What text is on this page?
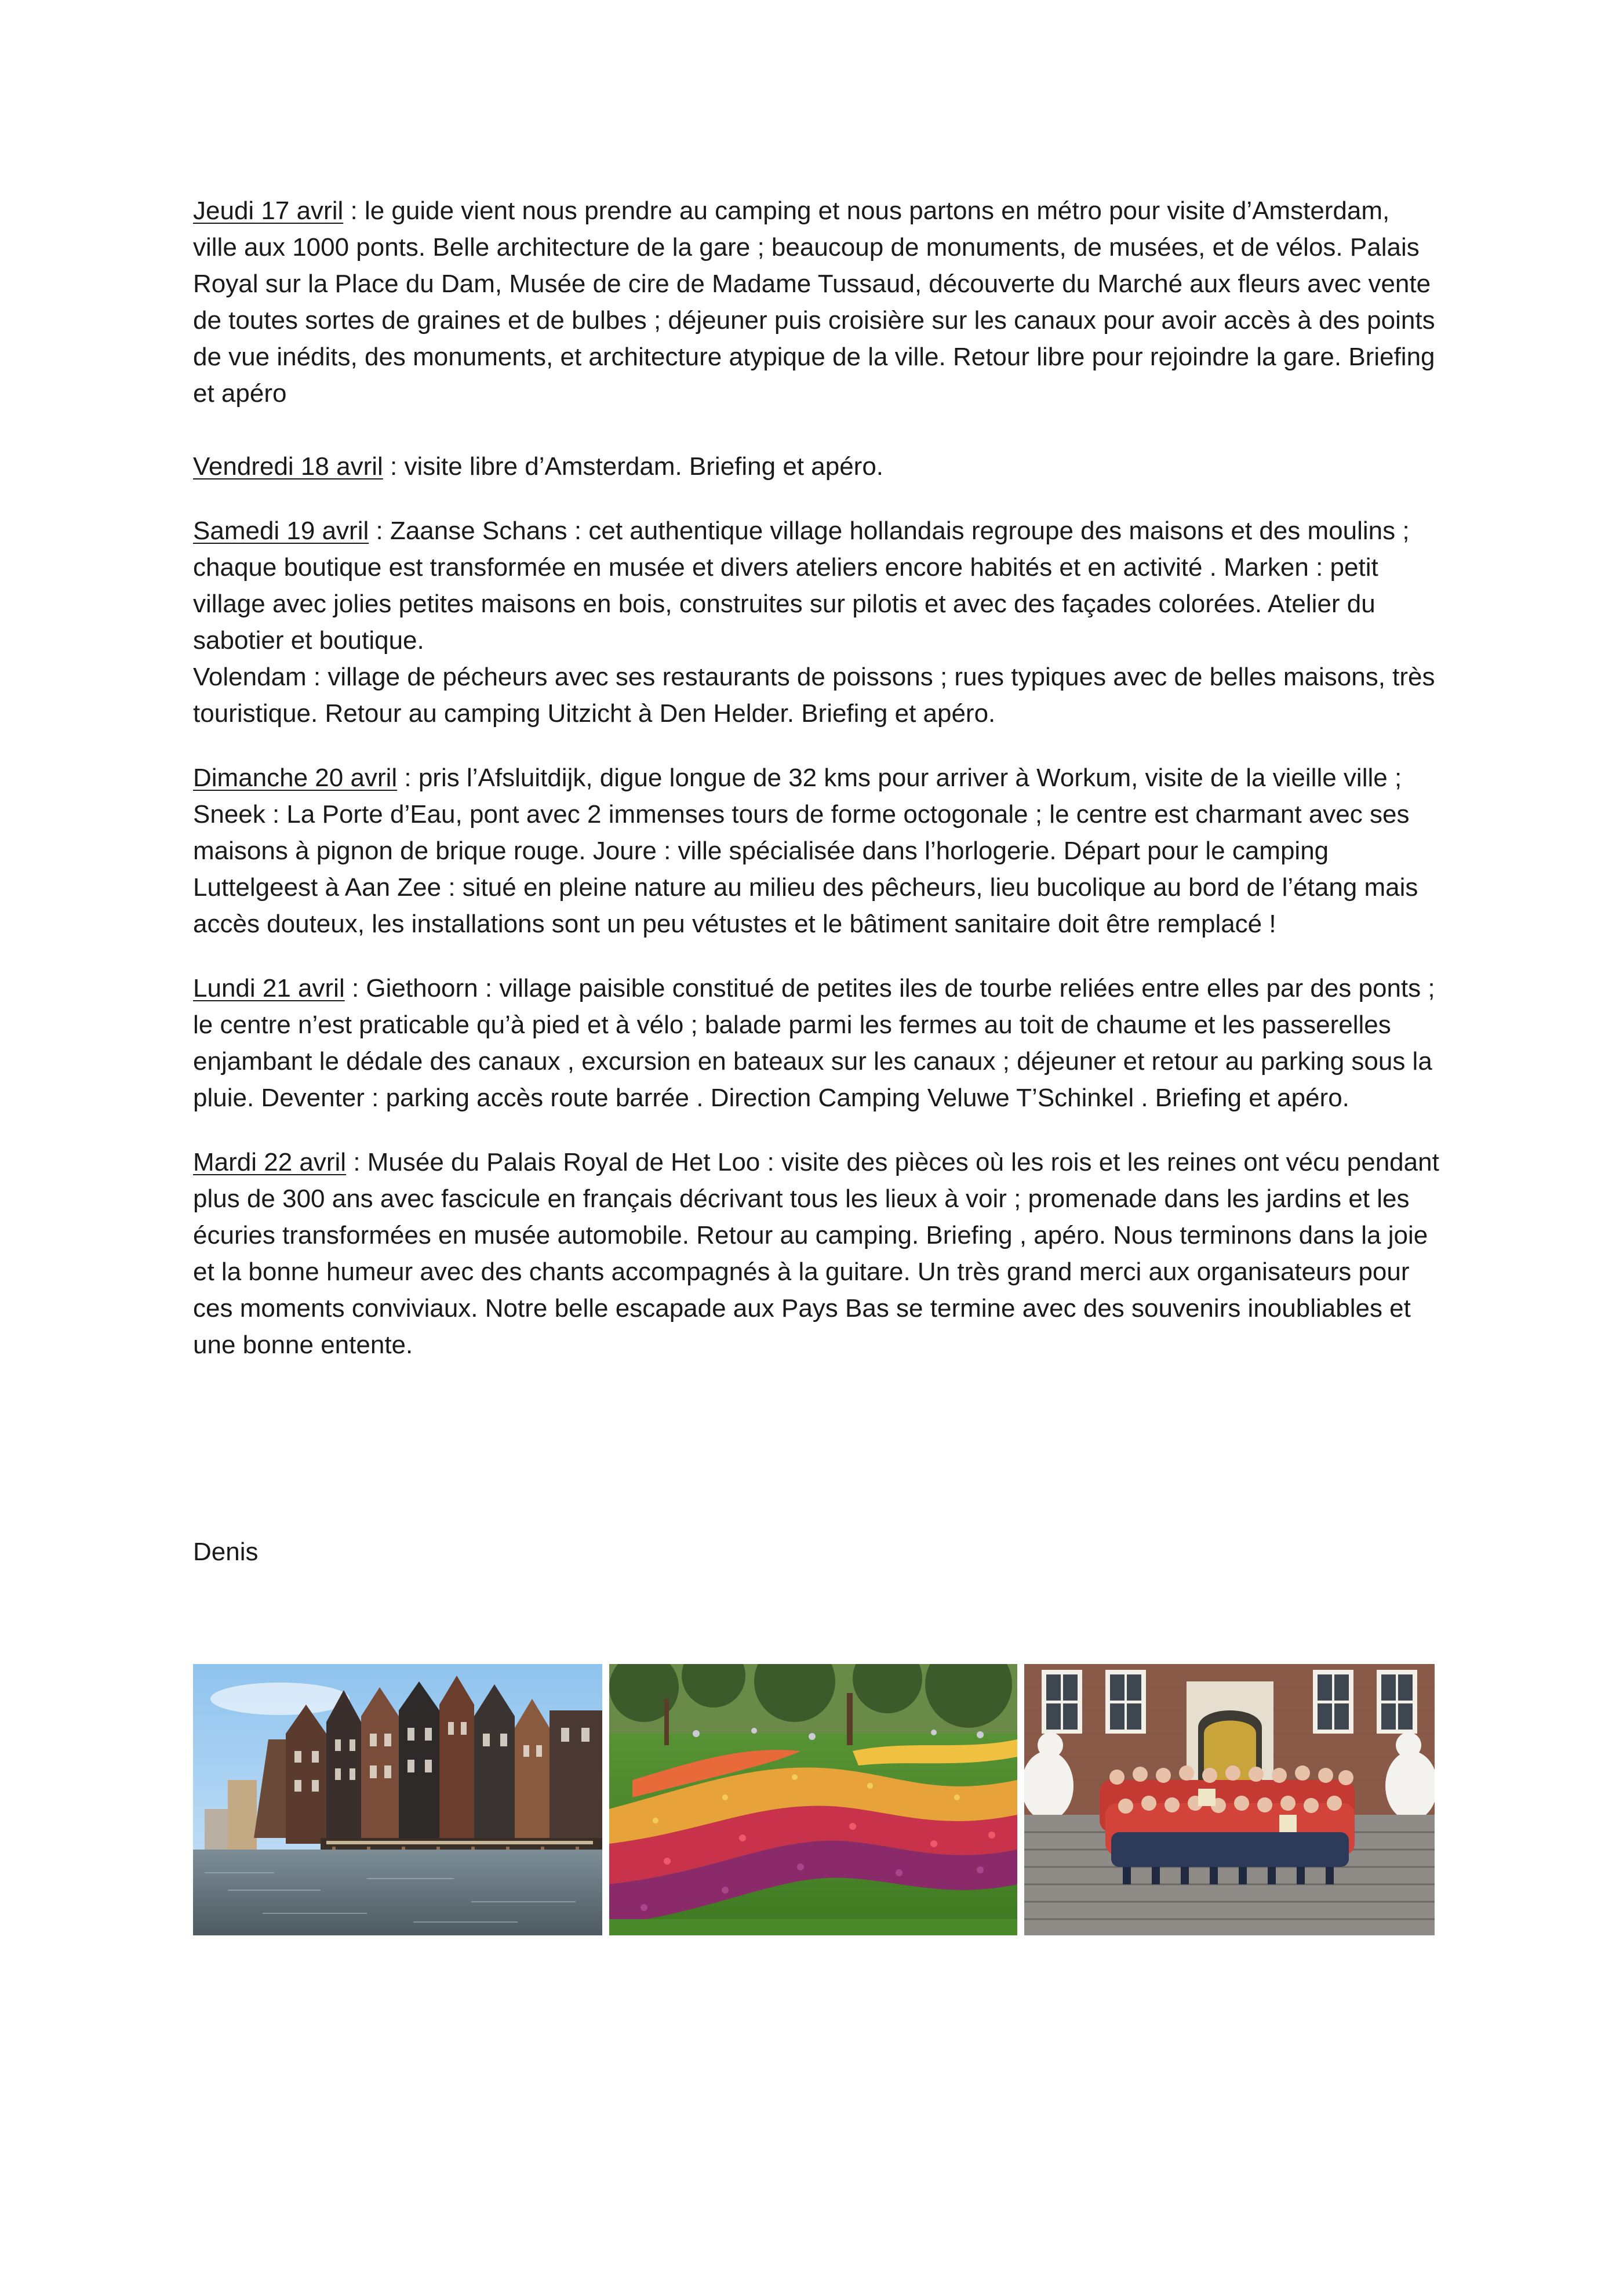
Jeudi 17 avril : le guide vient nous prendre au camping et nous partons en métro pour visite d’Amsterdam, ville aux 1000 ponts. Belle architecture de la gare ; beaucoup de monuments, de musées, et de vélos. Palais Royal sur la Place du Dam, Musée de cire de Madame Tussaud, découverte du Marché aux fleurs avec vente de toutes sortes de graines et de bulbes ; déjeuner puis croisière sur les canaux pour avoir accès à des points de vue inédits, des monuments, et architecture atypique de la ville. Retour libre pour rejoindre la gare. Briefing et apéro

Vendredi 18 avril : visite libre d’Amsterdam. Briefing et apéro.

Samedi 19 avril : Zaanse Schans : cet authentique village hollandais regroupe des maisons et des moulins ; chaque boutique est transformée en musée et divers ateliers encore habités et en activité . Marken : petit village avec jolies petites maisons en bois, construites sur pilotis et avec des façades colorées. Atelier du sabotier et boutique.
Volendam : village de pécheurs avec ses restaurants de poissons ; rues typiques avec de belles maisons, très touristique. Retour au camping Uitzicht à Den Helder. Briefing et apéro.

Dimanche 20 avril : pris l’Afsluitdijk, digue longue de 32 kms pour arriver à Workum, visite de la vieille ville ; Sneek : La Porte d’Eau, pont avec 2 immenses tours de forme octogonale ; le centre est charmant avec ses maisons à pignon de brique rouge. Joure : ville spécialisée dans l’horlogerie. Départ pour le camping Luttelgeest à Aan Zee : situé en pleine nature au milieu des pêcheurs, lieu bucolique au bord de l’étang mais accès douteux, les installations sont un peu vétustes et le bâtiment sanitaire doit être remplacé !

Lundi 21 avril : Giethoorn : village paisible constitué de petites iles de tourbe reliées entre elles par des ponts ; le centre n’est praticable qu’à pied et à vélo ; balade parmi les fermes au toit de chaume et les passerelles enjambant le dédale des canaux , excursion en bateaux sur les canaux ; déjeuner et retour au parking sous la pluie. Deventer : parking accès route barrée . Direction Camping Veluwe T’Schinkel . Briefing et apéro.

Mardi 22 avril : Musée du Palais Royal de Het Loo : visite des pièces où les rois et les reines ont vécu pendant plus de 300 ans avec fascicule en français décrivant tous les lieux à voir ; promenade dans les jardins et les écuries transformées en musée automobile. Retour au camping. Briefing , apéro. Nous terminons dans la joie et la bonne humeur avec des chants accompagnés à la guitare. Un très grand merci aux organisateurs pour ces moments conviviaux. Notre belle escapade aux Pays Bas se termine avec des souvenirs inoubliables et une bonne entente.

Denis
